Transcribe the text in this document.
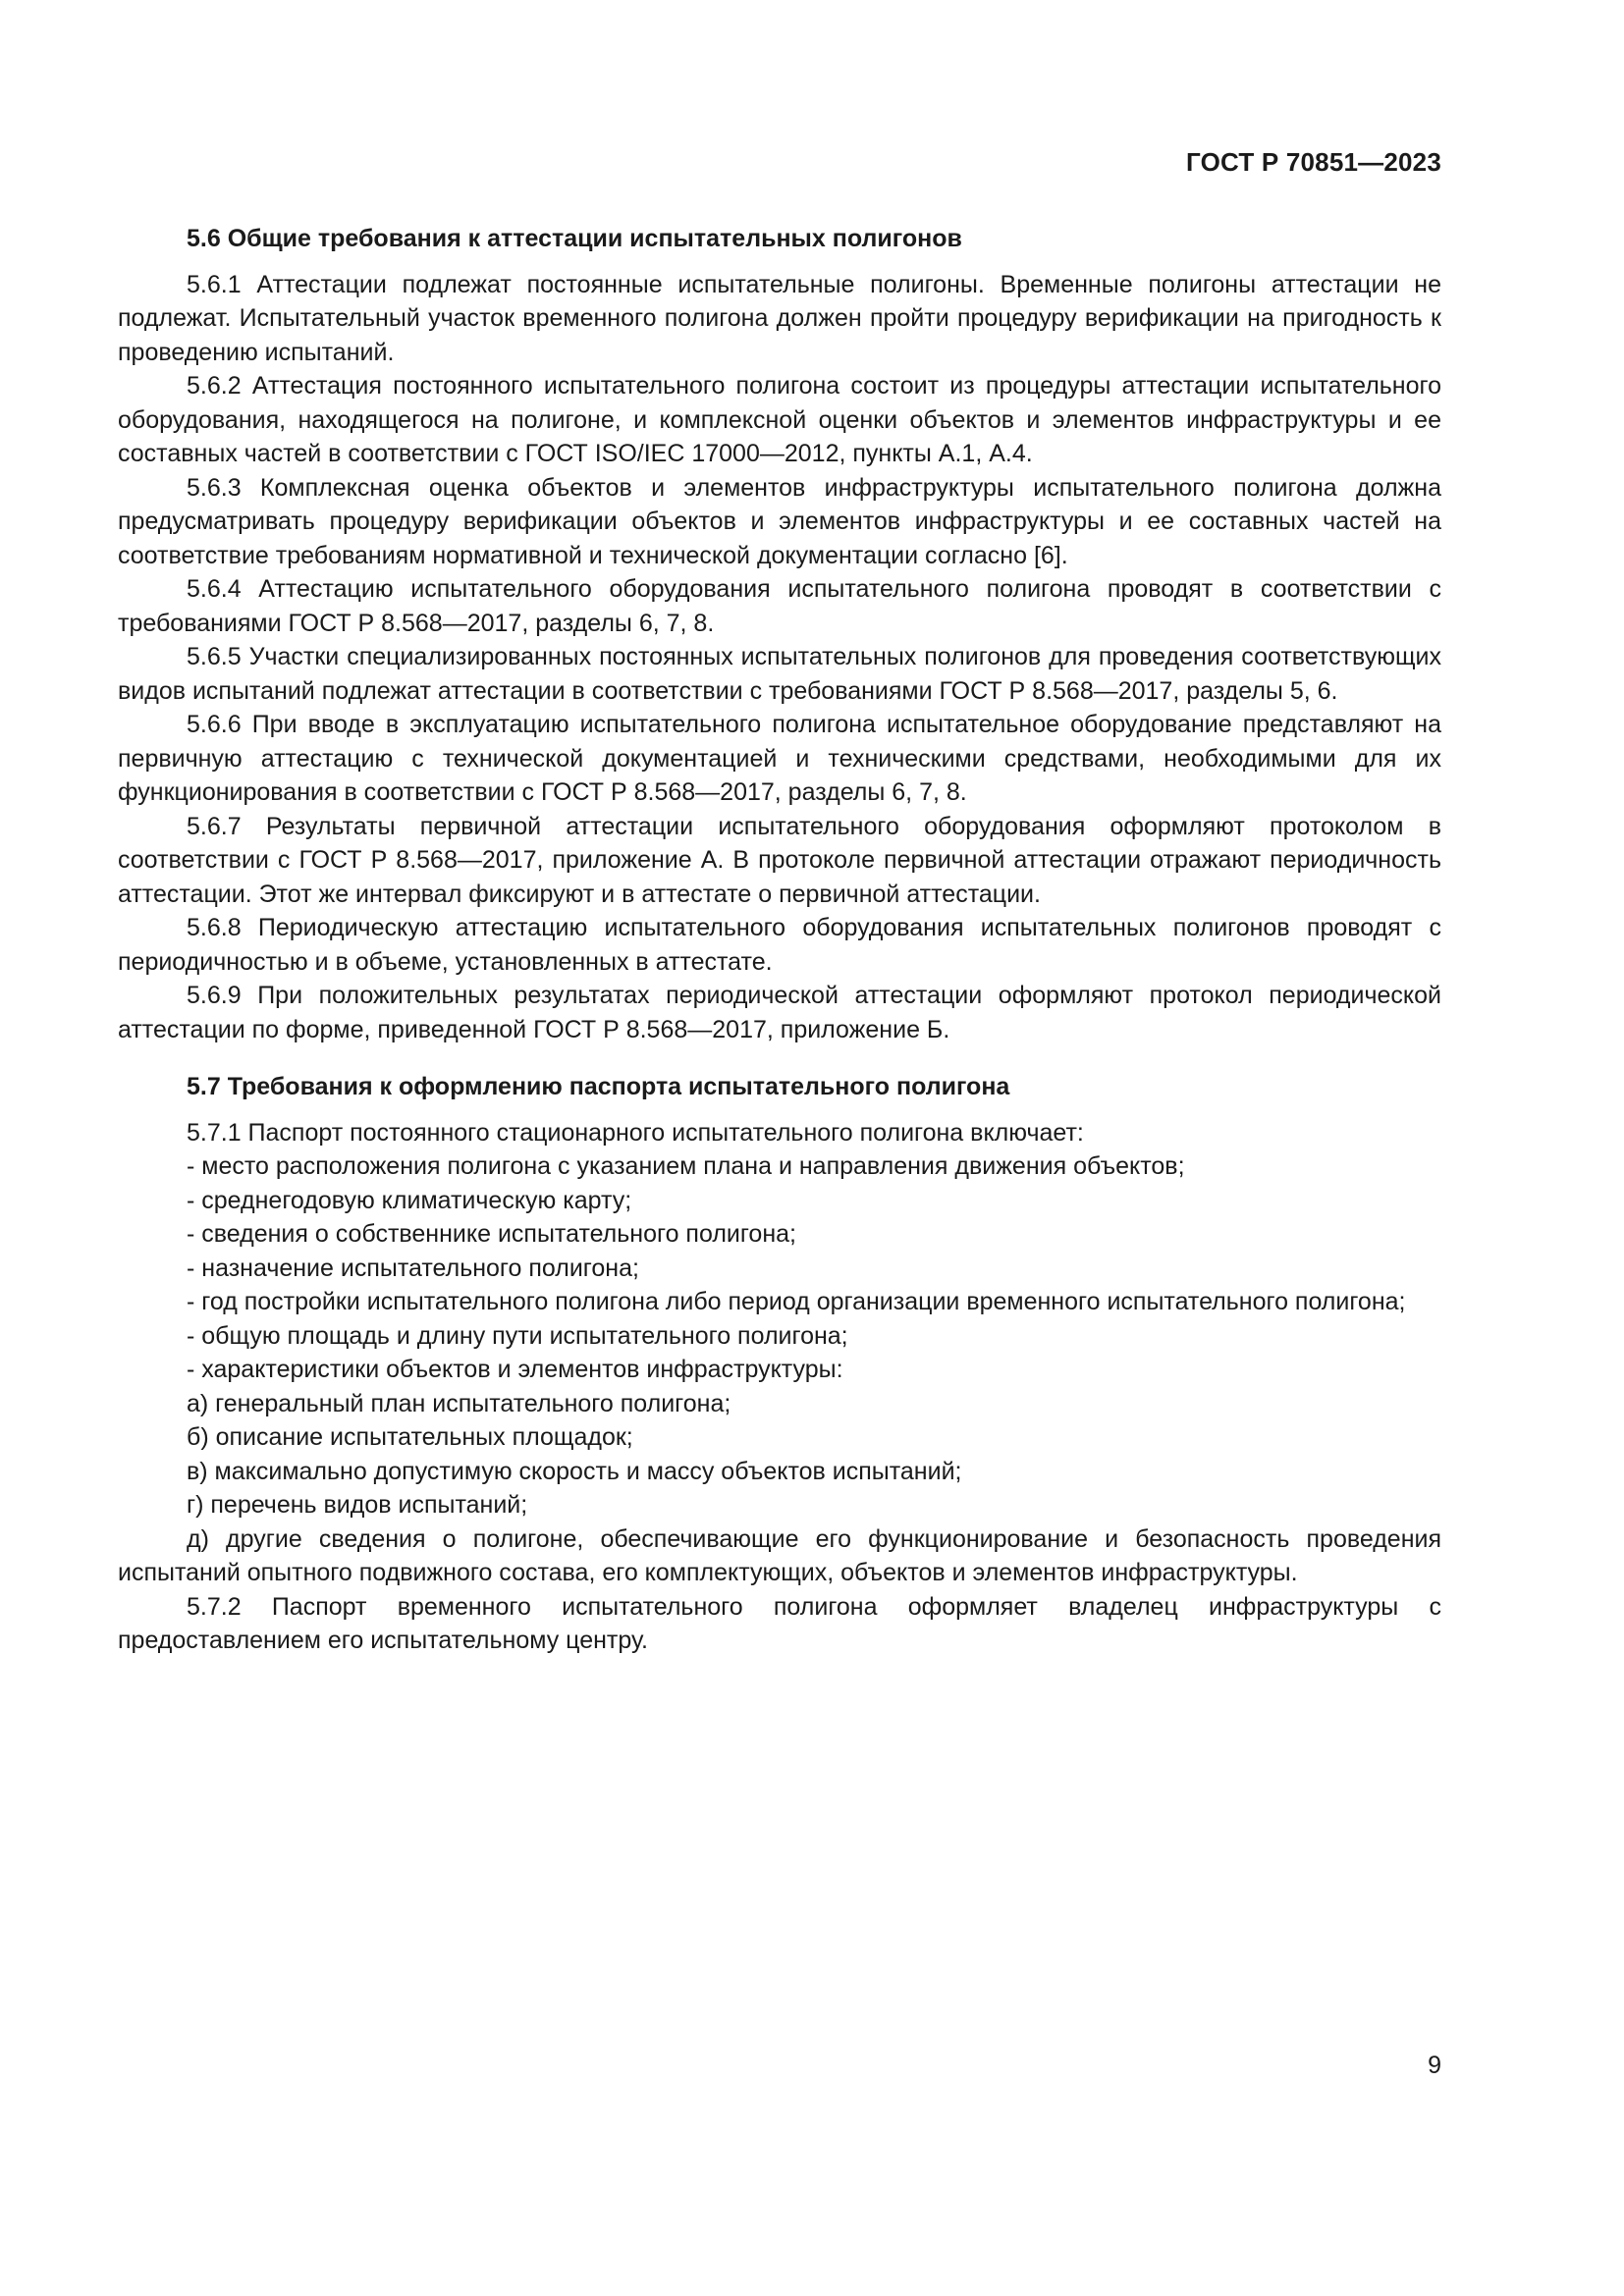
ГОСТ Р 70851—2023

5.6 Общие требования к аттестации испытательных полигонов

5.6.1 Аттестации подлежат постоянные испытательные полигоны. Временные полигоны аттестации не подлежат. Испытательный участок временного полигона должен пройти процедуру верификации на пригодность к проведению испытаний.

5.6.2 Аттестация постоянного испытательного полигона состоит из процедуры аттестации испытательного оборудования, находящегося на полигоне, и комплексной оценки объектов и элементов инфраструктуры и ее составных частей в соответствии с ГОСТ ISO/IEC 17000—2012, пункты А.1, А.4.

5.6.3 Комплексная оценка объектов и элементов инфраструктуры испытательного полигона должна предусматривать процедуру верификации объектов и элементов инфраструктуры и ее составных частей на соответствие требованиям нормативной и технической документации согласно [6].

5.6.4 Аттестацию испытательного оборудования испытательного полигона проводят в соответствии с требованиями ГОСТ Р 8.568—2017, разделы 6, 7, 8.

5.6.5 Участки специализированных постоянных испытательных полигонов для проведения соответствующих видов испытаний подлежат аттестации в соответствии с требованиями ГОСТ Р 8.568—2017, разделы 5, 6.

5.6.6 При вводе в эксплуатацию испытательного полигона испытательное оборудование представляют на первичную аттестацию с технической документацией и техническими средствами, необходимыми для их функционирования в соответствии с ГОСТ Р 8.568—2017, разделы 6, 7, 8.

5.6.7 Результаты первичной аттестации испытательного оборудования оформляют протоколом в соответствии с ГОСТ Р 8.568—2017, приложение А. В протоколе первичной аттестации отражают периодичность аттестации. Этот же интервал фиксируют и в аттестате о первичной аттестации.

5.6.8 Периодическую аттестацию испытательного оборудования испытательных полигонов проводят с периодичностью и в объеме, установленных в аттестате.

5.6.9 При положительных результатах периодической аттестации оформляют протокол периодической аттестации по форме, приведенной ГОСТ Р 8.568—2017, приложение Б.

5.7 Требования к оформлению паспорта испытательного полигона

5.7.1 Паспорт постоянного стационарного испытательного полигона включает:

- место расположения полигона с указанием плана и направления движения объектов;

- среднегодовую климатическую карту;

- сведения о собственнике испытательного полигона;

- назначение испытательного полигона;

- год постройки испытательного полигона либо период организации временного испытательного полигона;

- общую площадь и длину пути испытательного полигона;

- характеристики объектов и элементов инфраструктуры:

а) генеральный план испытательного полигона;

б) описание испытательных площадок;

в) максимально допустимую скорость и массу объектов испытаний;

г) перечень видов испытаний;

д) другие сведения о полигоне, обеспечивающие его функционирование и безопасность проведения испытаний опытного подвижного состава, его комплектующих, объектов и элементов инфраструктуры.

5.7.2 Паспорт временного испытательного полигона оформляет владелец инфраструктуры с предоставлением его испытательному центру.

9
